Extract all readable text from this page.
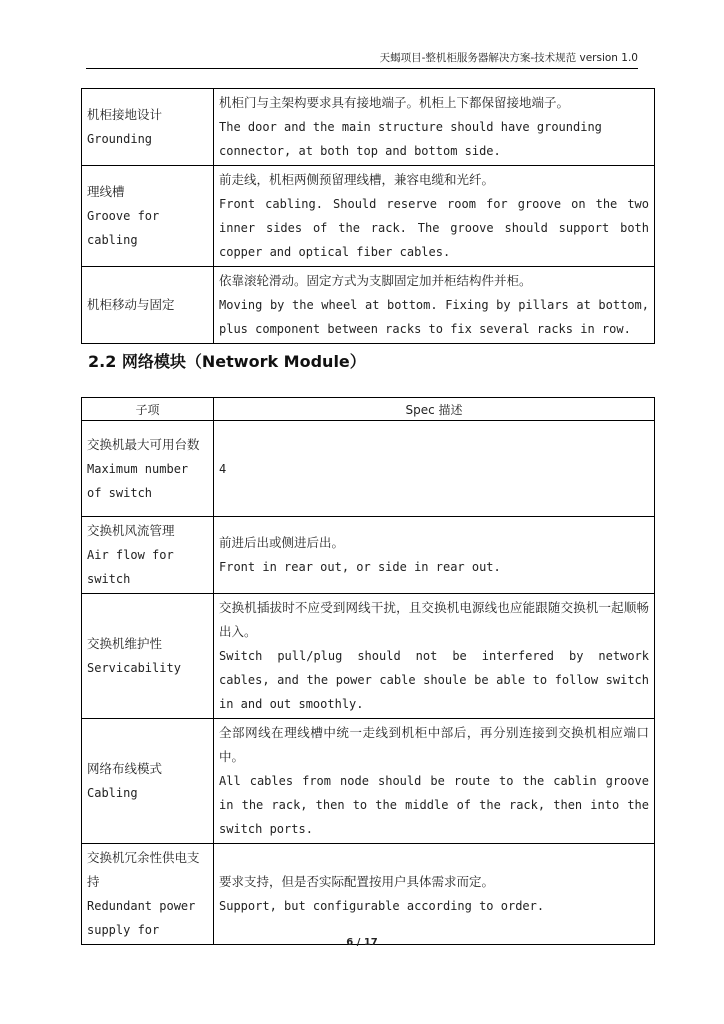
天蝎项目-整机柜服务器解决方案-技术规范 version 1.0
机柜接地设计
Grounding	机柜门与主架构要求具有接地端子。机柜上下都保留接地端子。
The door and the main structure should have grounding connector, at both top and bottom side.

理线槽
Groove for cabling	前走线，机柜两侧预留理线槽，兼容电缆和光纤。
Front cabling. Should reserve room for groove on the two inner sides of the rack. The groove should support both copper and optical fiber cables.

机柜移动与固定	依靠滚轮滑动。固定方式为支脚固定加并柜结构件并柜。
Moving by the wheel at bottom. Fixing by pillars at bottom, plus component between racks to fix several racks in row.
2.2 网络模块（Network Module）
子项	Spec 描述

交换机最大可用台数
Maximum number of switch	4

交换机风流管理
Air flow for switch	前进后出或侧进后出。
Front in rear out, or side in rear out.

交换机维护性
Servicability	交换机插拔时不应受到网线干扰，且交换机电源线也应能跟随交换机一起顺畅出入。
Switch pull/plug should not be interfered by network cables, and the power cable shoule be able to follow switch in and out smoothly.

网络布线模式
Cabling	全部网线在理线槽中统一走线到机柜中部后，再分别连接到交换机相应端口中。
All cables from node should be route to the cablin groove in the rack, then to the middle of the rack, then into the switch ports.

交换机冗余性供电支持
Redundant power supply for	要求支持，但是否实际配置按用户具体需求而定。
Support, but configurable according to order.
6 / 17
